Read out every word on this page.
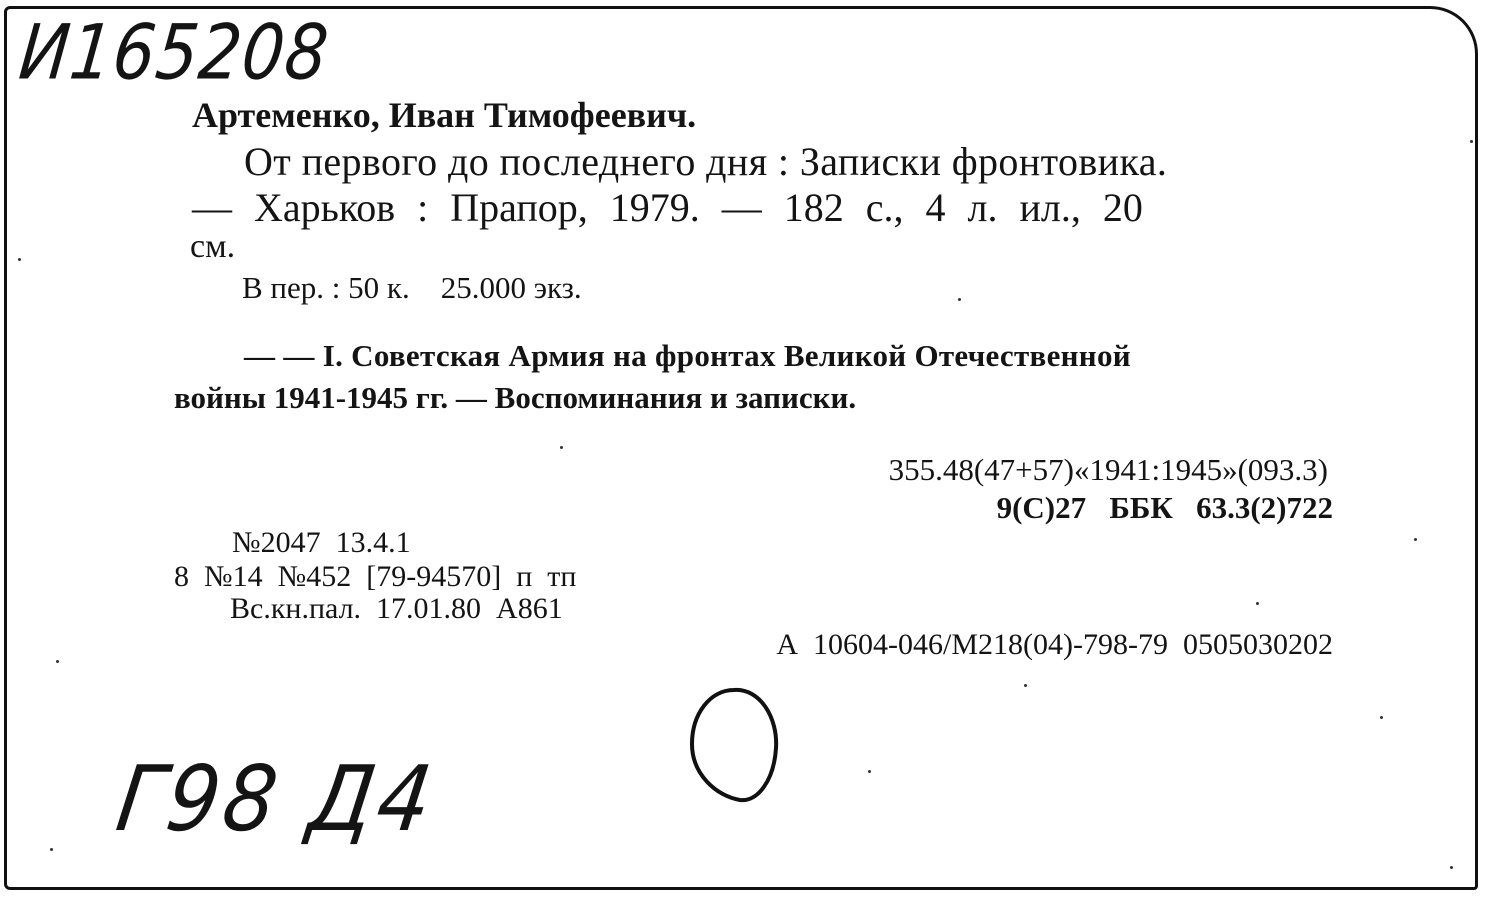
И165208
Артеменко, Иван Тимофеевич.
От первого до последнего дня : Записки фронтовика.
— Харьков : Прапор, 1979. — 182 с., 4 л. ил., 20
см.
В пер. : 50 к.    25.000 экз.
— — I. Советская Армия на фронтах Великой Отечественной
войны 1941-1945 гг. — Воспоминания и записки.
355.48(47+57)«1941:1945»(093.3)
9(С)27   ББК   63.3(2)722
№2047  13.4.1
8  №14  №452  [79-94570]  п  тп
Вс.кн.пал.  17.01.80  А861
А  10604-046/М218(04)-798-79  0505030202
Г98 Д4
